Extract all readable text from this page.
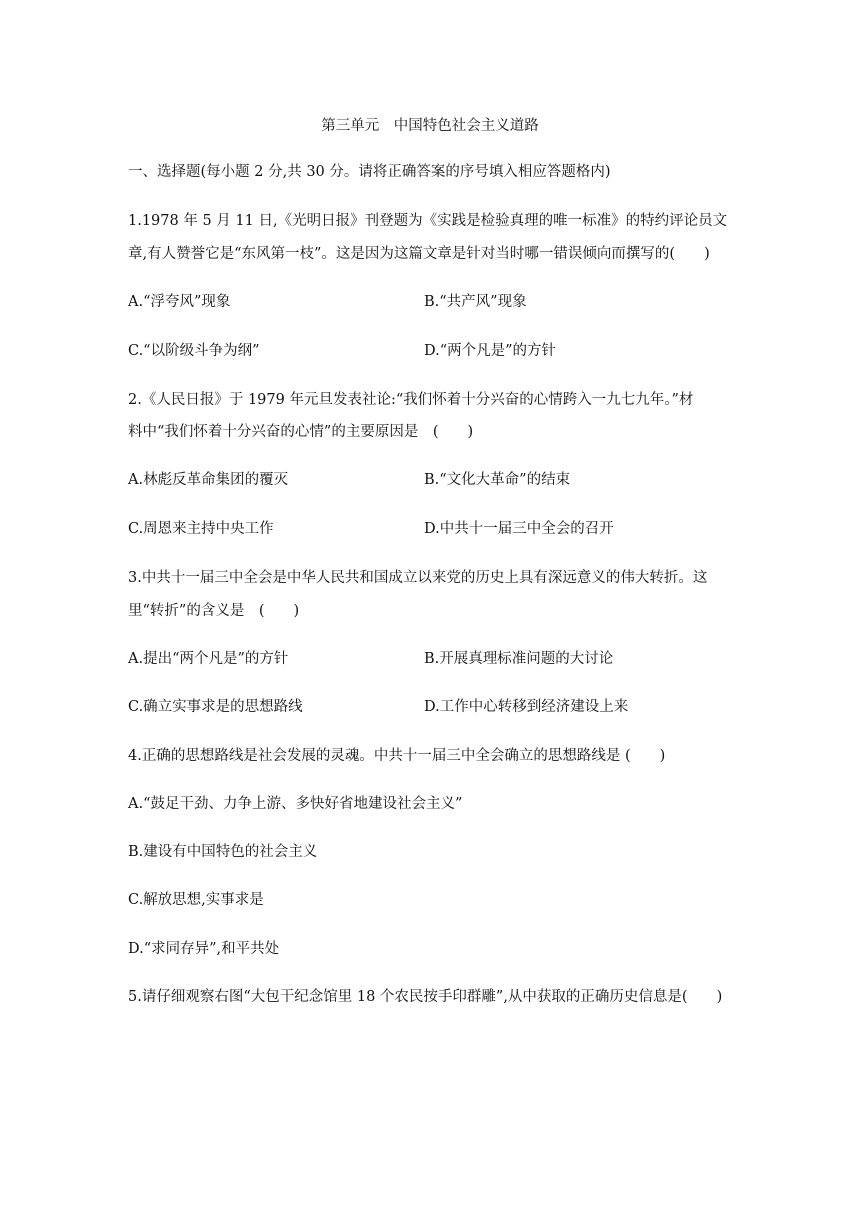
第三单元　中国特色社会主义道路
一、选择题(每小题 2 分,共 30 分。请将正确答案的序号填入相应答题格内)
1.1978 年 5 月 11 日,《光明日报》刊登题为《实践是检验真理的唯一标准》的特约评论员文
章,有人赞誉它是“东风第一枝”。这是因为这篇文章是针对当时哪一错误倾向而撰写的(　　)
A.“浮夸风”现象	B.“共产风”现象
C.“以阶级斗争为纲”	D.“两个凡是”的方针
2.《人民日报》于 1979 年元旦发表社论:“我们怀着十分兴奋的心情跨入一九七九年。”材
料中“我们怀着十分兴奋的心情”的主要原因是　(　　)
A.林彪反革命集团的覆灭	B.“文化大革命”的结束
C.周恩来主持中央工作	D.中共十一届三中全会的召开
3.中共十一届三中全会是中华人民共和国成立以来党的历史上具有深远意义的伟大转折。这
里“转折”的含义是　(　　)
A.提出“两个凡是”的方针	B.开展真理标准问题的大讨论
C.确立实事求是的思想路线	D.工作中心转移到经济建设上来
4.正确的思想路线是社会发展的灵魂。中共十一届三中全会确立的思想路线是 (　　)
A.“鼓足干劲、力争上游、多快好省地建设社会主义”
B.建设有中国特色的社会主义
C.解放思想,实事求是
D.“求同存异”,和平共处
5.请仔细观察右图“大包干纪念馆里 18 个农民按手印群雕”,从中获取的正确历史信息是(　　)
